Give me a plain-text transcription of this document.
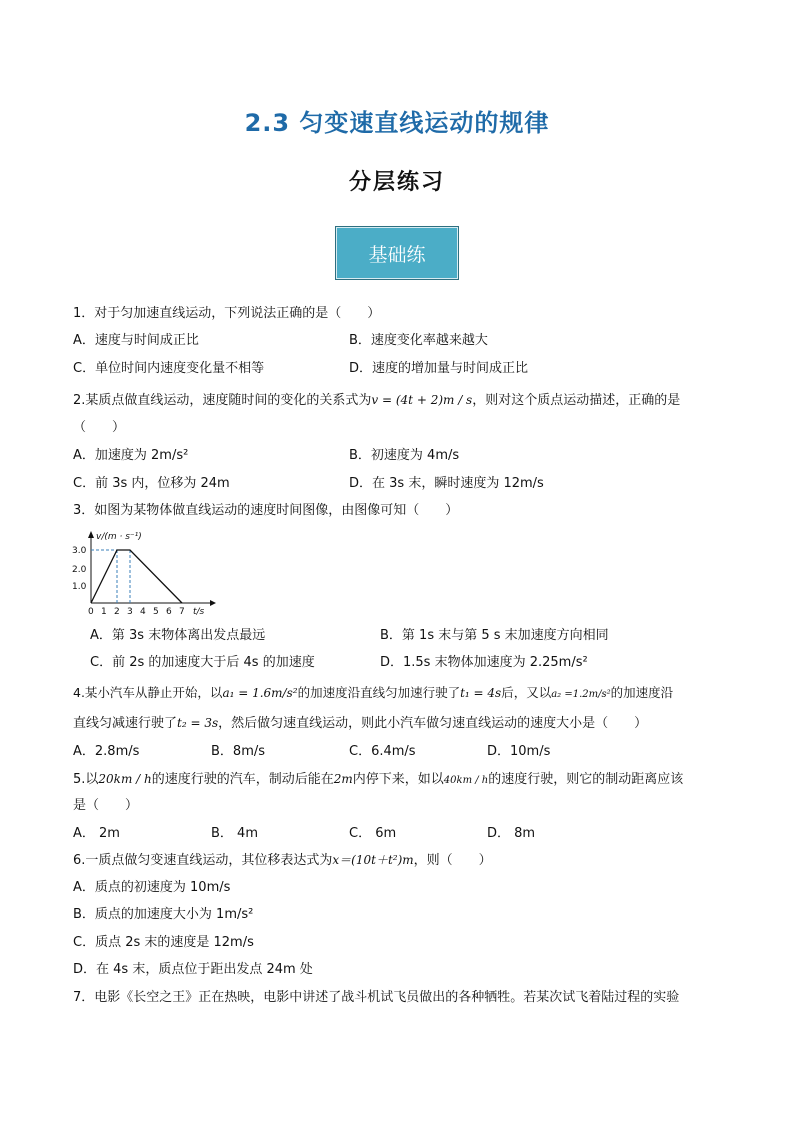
2.3 匀变速直线运动的规律
分层练习
基础练
1．对于匀加速直线运动，下列说法正确的是（　　）
A．速度与时间成正比	B．速度变化率越来越大
C．单位时间内速度变化量不相等	D．速度的增加量与时间成正比
2.某质点做直线运动，速度随时间的变化的关系式为v = (4t + 2)m / s，则对这个质点运动描述，正确的是
（　　）
A．加速度为 2m/s²	B．初速度为 4m/s
C．前 3s 内，位移为 24m	D．在 3s 末，瞬时速度为 12m/s
3．如图为某物体做直线运动的速度时间图像，由图像可知（　　）
1.0
2.0
3.0
0 1 2 3 4 5 6 7 t/s
v/(m · s⁻¹)
A．第 3s 末物体离出发点最远	B．第 1s 末与第 5 s 末加速度方向相同
C．前 2s 的加速度大于后 4s 的加速度	D．1.5s 末物体加速度为 2.25m/s²
4.某小汽车从静止开始，以a₁ = 1.6m/s²的加速度沿直线匀加速行驶了t₁ = 4s后，又以a₂ =1.2m/s²的加速度沿
直线匀减速行驶了t₂ = 3s，然后做匀速直线运动，则此小汽车做匀速直线运动的速度大小是（　　）
A．2.8m/s	B．8m/s	C．6.4m/s	D．10m/s
5.以20km / h的速度行驶的汽车，制动后能在2m内停下来，如以40km / h的速度行驶，则它的制动距离应该
是（　　）
A． 2m	B． 4m	C． 6m	D． 8m
6.一质点做匀变速直线运动，其位移表达式为x＝(10t＋t²)m，则（　　）
A．质点的初速度为 10m/s
B．质点的加速度大小为 1m/s²
C．质点 2s 末的速度是 12m/s
D．在 4s 末，质点位于距出发点 24m 处
7．电影《长空之王》正在热映，电影中讲述了战斗机试飞员做出的各种牺牲。若某次试飞着陆过程的实验
